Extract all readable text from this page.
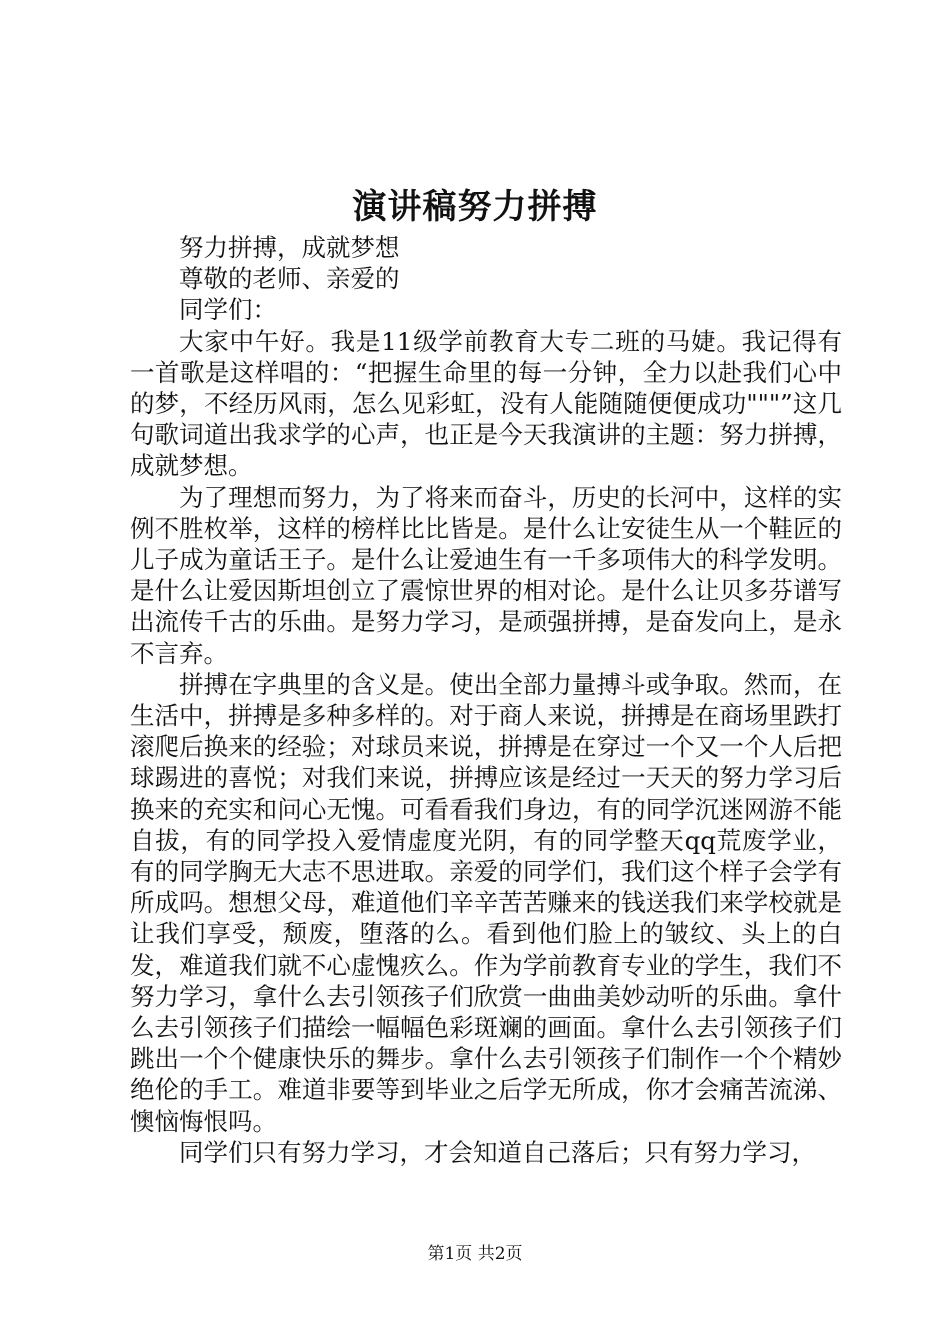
演讲稿努力拼搏

努力拼搏，成就梦想

尊敬的老师、亲爱的

同学们：

大家中午好。我是11级学前教育大专二班的马婕。我记得有一首歌是这样唱的：“把握生命里的每一分钟，全力以赴我们心中的梦，不经历风雨，怎么见彩虹，没有人能随随便便成功"""”这几句歌词道出我求学的心声，也正是今天我演讲的主题：努力拼搏，成就梦想。

为了理想而努力，为了将来而奋斗，历史的长河中，这样的实例不胜枚举，这样的榜样比比皆是。是什么让安徒生从一个鞋匠的儿子成为童话王子。是什么让爱迪生有一千多项伟大的科学发明。是什么让爱因斯坦创立了震惊世界的相对论。是什么让贝多芬谱写出流传千古的乐曲。是努力学习，是顽强拼搏，是奋发向上，是永不言弃。

拼搏在字典里的含义是。使出全部力量搏斗或争取。然而，在生活中，拼搏是多种多样的。对于商人来说，拼搏是在商场里跌打滚爬后换来的经验；对球员来说，拼搏是在穿过一个又一个人后把球踢进的喜悦；对我们来说，拼搏应该是经过一天天的努力学习后换来的充实和问心无愧。可看看我们身边，有的同学沉迷网游不能自拔，有的同学投入爱情虚度光阴，有的同学整天qq荒废学业，有的同学胸无大志不思进取。亲爱的同学们，我们这个样子会学有所成吗。想想父母，难道他们辛辛苦苦赚来的钱送我们来学校就是让我们享受，颓废，堕落的么。看到他们脸上的皱纹、头上的白发，难道我们就不心虚愧疚么。作为学前教育专业的学生，我们不努力学习，拿什么去引领孩子们欣赏一曲曲美妙动听的乐曲。拿什么去引领孩子们描绘一幅幅色彩斑斓的画面。拿什么去引领孩子们跳出一个个健康快乐的舞步。拿什么去引领孩子们制作一个个精妙绝伦的手工。难道非要等到毕业之后学无所成，你才会痛苦流涕、懊恼悔恨吗。

同学们只有努力学习，才会知道自己落后；只有努力学习，

第1页 共2页
